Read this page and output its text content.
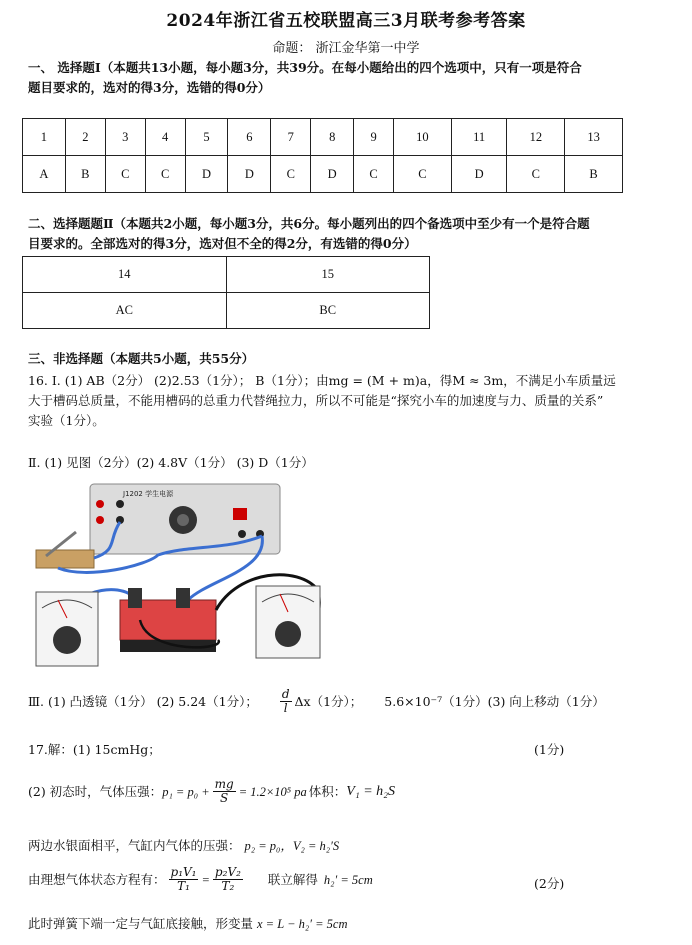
2024年浙江省五校联盟高三3月联考参考答案
命题： 浙江金华第一中学
一、 选择题Ⅰ（本题共13小题，每小题3分，共39分。在每小题给出的四个选项中，只有一项是符合
题目要求的，选对的得3分，选错的得0分）
1	2	3	4	5	6	7	8	9	10	11	12	13
A	B	C	C	D	D	C	D	C	C	D	C	B
二、选择题题Ⅱ（本题共2小题，每小题3分，共6分。每小题列出的四个备选项中至少有一个是符合题
目要求的。全部选对的得3分，选对但不全的得2分，有选错的得0分）
14	15
AC	BC
三、非选择题（本题共5小题，共55分）
16. Ⅰ. (1) AB（2分） (2)2.53（1分）； B（1分）；由mg = (M + m)a，得M ≈ 3m，不满足小车质量远
大于槽码总质量，不能用槽码的总重力代替绳拉力，所以不可能是“探究小车的加速度与力、质量的关系”
实验（1分）。
Ⅱ. (1) 见图（2分）(2) 4.8V（1分） (3) D（1分）
J1202 学生电源
Ⅲ. (1) 凸透镜（1分） (2) 5.24（1分）； $\frac{d}{l} \Delta x(1$分）； 5.6×10⁻⁷（1分）(3) 向上移动（1分）
17.解：(1) 15cmHg；	(1分)
(2) 初态时，气体压强： $p_1 = p_0 + \frac{mg}{S} = 1.2\times 10^5$ pa 体积： V₁ = h₂S
两边水银面相平，气缸内气体的压强： p₂ = p₀，V₂ = h₂′S
由理想气体状态方程有： $\frac{\text{p₁V₁}}{\text{T₁}} = \frac{\text{p₂V₂}}{\text{T₂}}$ 联立解得 h₂′ = 5cm	(2分)
此时弹簧下端一定与气缸底接触，形变量 x = L − h₂′ = 5cm
